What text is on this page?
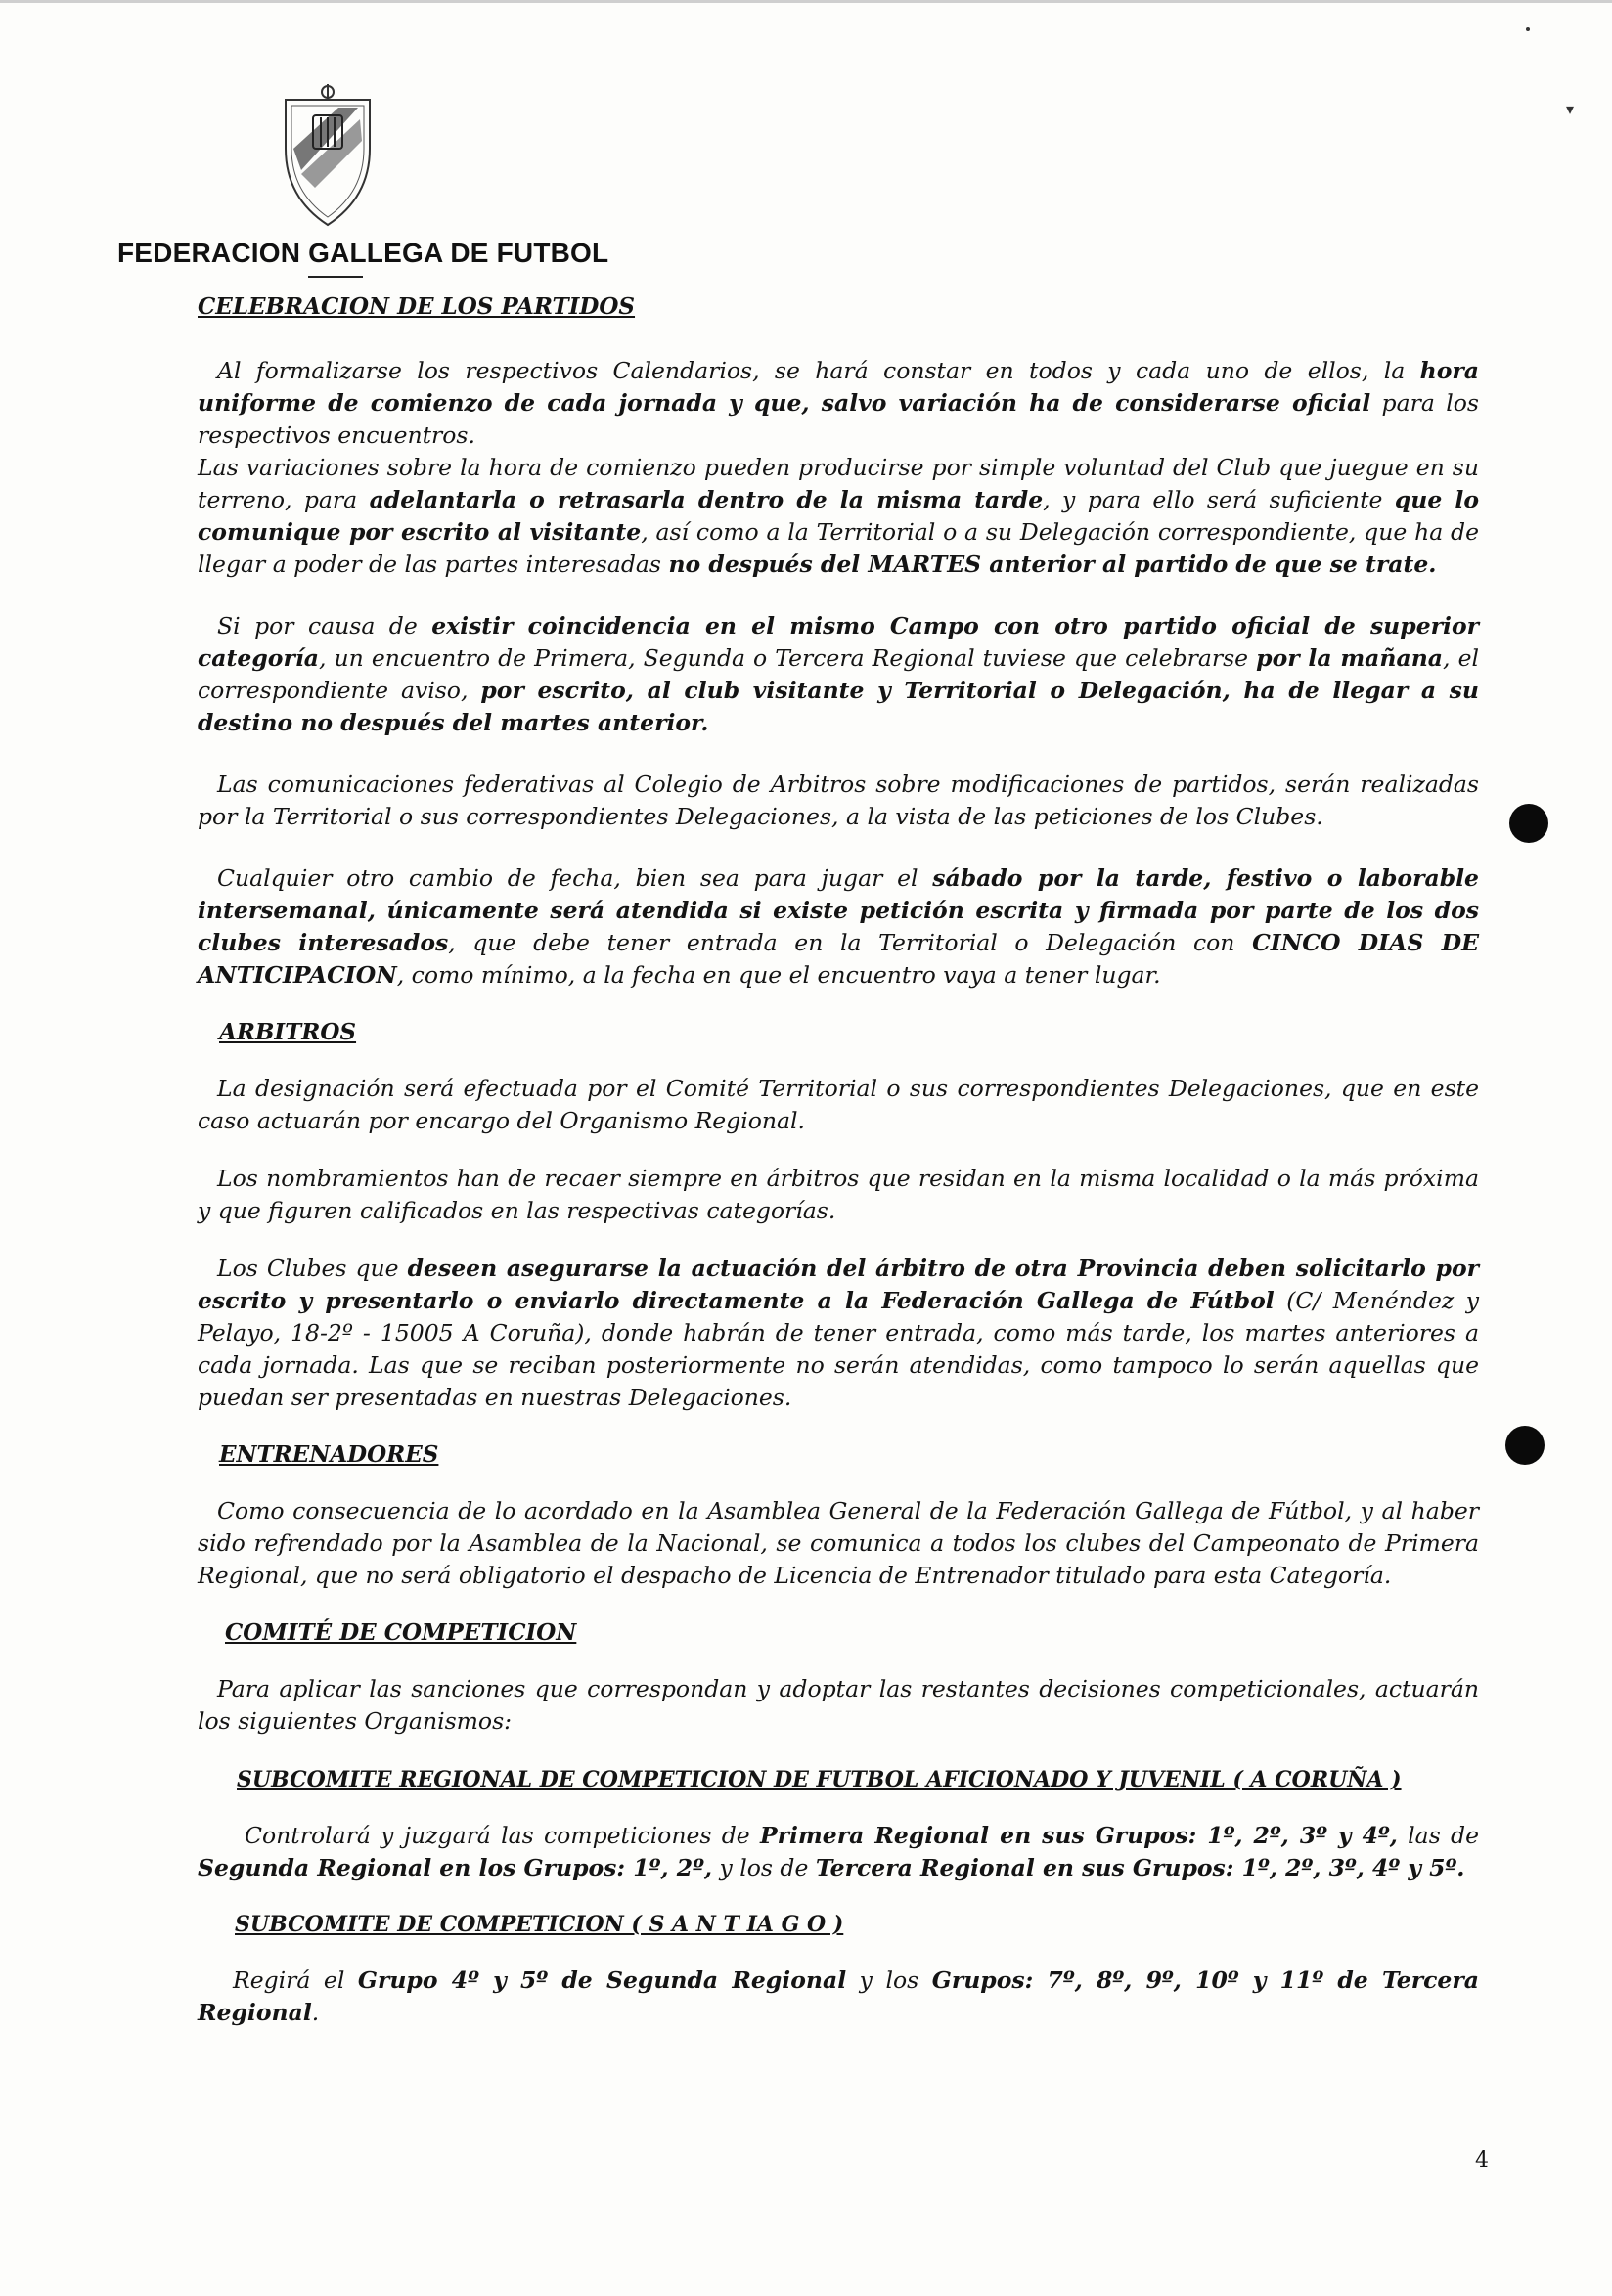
▾
FEDERACION GALLEGA DE FUTBOL
CELEBRACION DE LOS PARTIDOS

Al formalizarse los respectivos Calendarios, se hará constar en todos y cada uno de ellos, la hora uniforme de comienzo de cada jornada y que, salvo variación ha de considerarse oficial para los respectivos encuentros.

Las variaciones sobre la hora de comienzo pueden producirse por simple voluntad del Club que juegue en su terreno, para adelantarla o retrasarla dentro de la misma tarde, y para ello será suficiente que lo comunique por escrito al visitante, así como a la Territorial o a su Delegación correspondiente, que ha de llegar a poder de las partes interesadas no después del MARTES anterior al partido de que se trate.

Si por causa de existir coincidencia en el mismo Campo con otro partido oficial de superior categoría, un encuentro de Primera, Segunda o Tercera Regional tuviese que celebrarse por la mañana, el correspondiente aviso, por escrito, al club visitante y Territorial o Delegación, ha de llegar a su destino no después del martes anterior.

Las comunicaciones federativas al Colegio de Arbitros sobre modificaciones de partidos, serán realizadas por la Territorial o sus correspondientes Delegaciones, a la vista de las peticiones de los Clubes.

Cualquier otro cambio de fecha, bien sea para jugar el sábado por la tarde, festivo o laborable intersemanal, únicamente será atendida si existe petición escrita y firmada por parte de los dos clubes interesados, que debe tener entrada en la Territorial o Delegación con CINCO DIAS DE ANTICIPACION, como mínimo, a la fecha en que el encuentro vaya a tener lugar.

ARBITROS

La designación será efectuada por el Comité Territorial o sus correspondientes Delegaciones, que en este caso actuarán por encargo del Organismo Regional.

Los nombramientos han de recaer siempre en árbitros que residan en la misma localidad o la más próxima y que figuren calificados en las respectivas categorías.

Los Clubes que deseen asegurarse la actuación del árbitro de otra Provincia deben solicitarlo por escrito y presentarlo o enviarlo directamente a la Federación Gallega de Fútbol (C/ Menéndez y Pelayo, 18-2º - 15005 A Coruña), donde habrán de tener entrada, como más tarde, los martes anteriores a cada jornada. Las que se reciban posteriormente no serán atendidas, como tampoco lo serán aquellas que puedan ser presentadas en nuestras Delegaciones.

ENTRENADORES

Como consecuencia de lo acordado en la Asamblea General de la Federación Gallega de Fútbol, y al haber sido refrendado por la Asamblea de la Nacional, se comunica a todos los clubes del Campeonato de Primera Regional, que no será obligatorio el despacho de Licencia de Entrenador titulado para esta Categoría.

COMITÉ DE COMPETICION

Para aplicar las sanciones que correspondan y adoptar las restantes decisiones competicionales, actuarán los siguientes Organismos:

SUBCOMITE REGIONAL DE COMPETICION DE FUTBOL AFICIONADO Y JUVENIL ( A CORUÑA )

Controlará y juzgará las competiciones de Primera Regional en sus Grupos: 1º, 2º, 3º y 4º, las de Segunda Regional en los Grupos: 1º, 2º, y los de Tercera Regional en sus Grupos: 1º, 2º, 3º, 4º y 5º.

SUBCOMITE DE COMPETICION ( S A N T IA G O )

Regirá el Grupo 4º y 5º de Segunda Regional y los Grupos: 7º, 8º, 9º, 10º y 11º de Tercera Regional.

4
